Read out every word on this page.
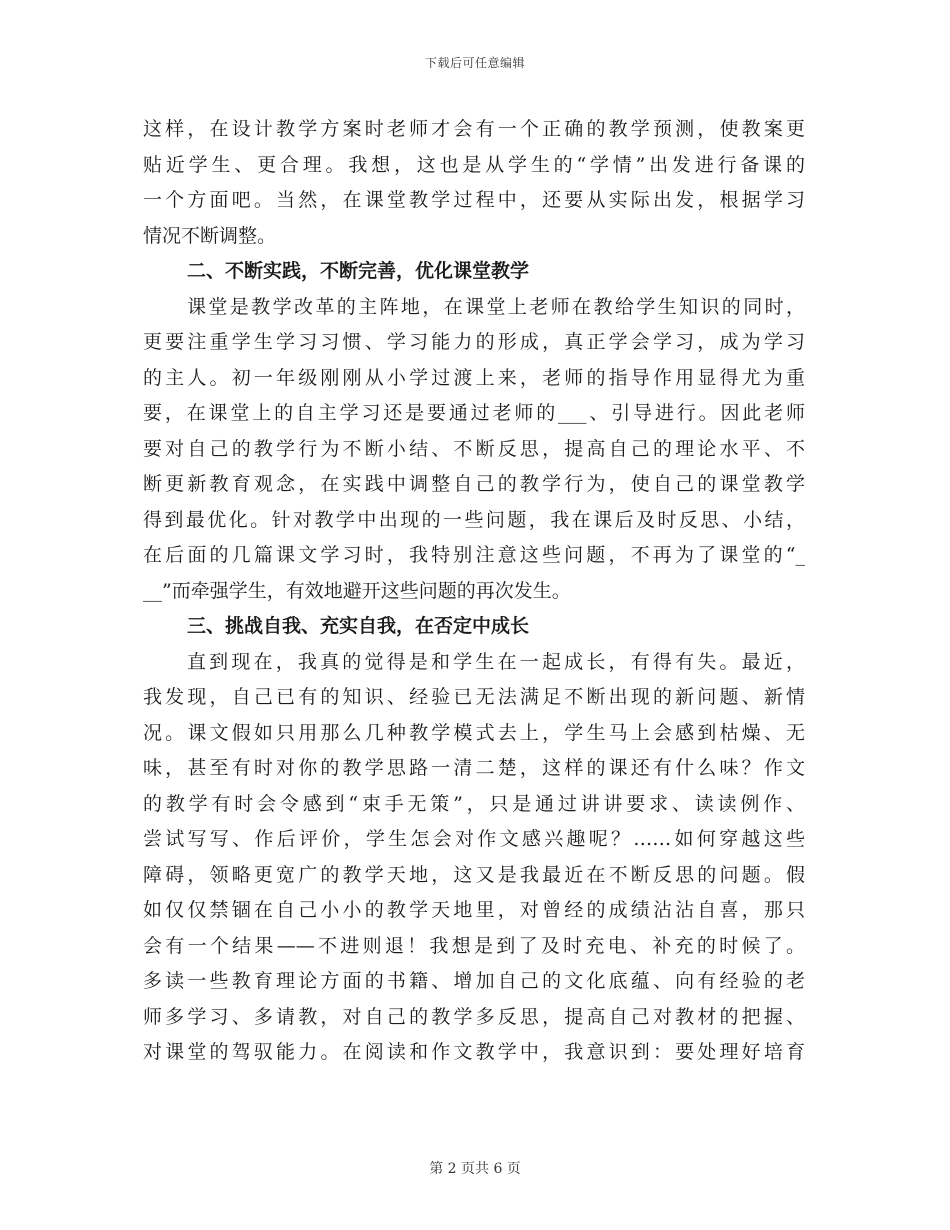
下载后可任意编辑
这样，在设计教学方案时老师才会有一个正确的教学预测，使教案更
贴近学生、更合理。我想，这也是从学生的“学情”出发进行备课的
一个方面吧。当然，在课堂教学过程中，还要从实际出发，根据学习
情况不断调整。
二、不断实践，不断完善，优化课堂教学
课堂是教学改革的主阵地，在课堂上老师在教给学生知识的同时，
更要注重学生学习习惯、学习能力的形成，真正学会学习，成为学习
的主人。初一年级刚刚从小学过渡上来，老师的指导作用显得尤为重
要，在课堂上的自主学习还是要通过老师的___、引导进行。因此老师
要对自己的教学行为不断小结、不断反思，提高自己的理论水平、不
断更新教育观念，在实践中调整自己的教学行为，使自己的课堂教学
得到最优化。针对教学中出现的一些问题，我在课后及时反思、小结，
在后面的几篇课文学习时，我特别注意这些问题，不再为了课堂的“_
__”而牵强学生，有效地避开这些问题的再次发生。
三、挑战自我、充实自我，在否定中成长
直到现在，我真的觉得是和学生在一起成长，有得有失。最近，
我发现，自己已有的知识、经验已无法满足不断出现的新问题、新情
况。课文假如只用那么几种教学模式去上，学生马上会感到枯燥、无
味，甚至有时对你的教学思路一清二楚，这样的课还有什么味？作文
的教学有时会令感到“束手无策”，只是通过讲讲要求、读读例作、
尝试写写、作后评价，学生怎会对作文感兴趣呢？……如何穿越这些
障碍，领略更宽广的教学天地，这又是我最近在不断反思的问题。假
如仅仅禁锢在自己小小的教学天地里，对曾经的成绩沾沾自喜，那只
会有一个结果——不进则退！我想是到了及时充电、补充的时候了。
多读一些教育理论方面的书籍、增加自己的文化底蕴、向有经验的老
师多学习、多请教，对自己的教学多反思，提高自己对教材的把握、
对课堂的驾驭能力。在阅读和作文教学中，我意识到：要处理好培育
第 2 页共 6 页
